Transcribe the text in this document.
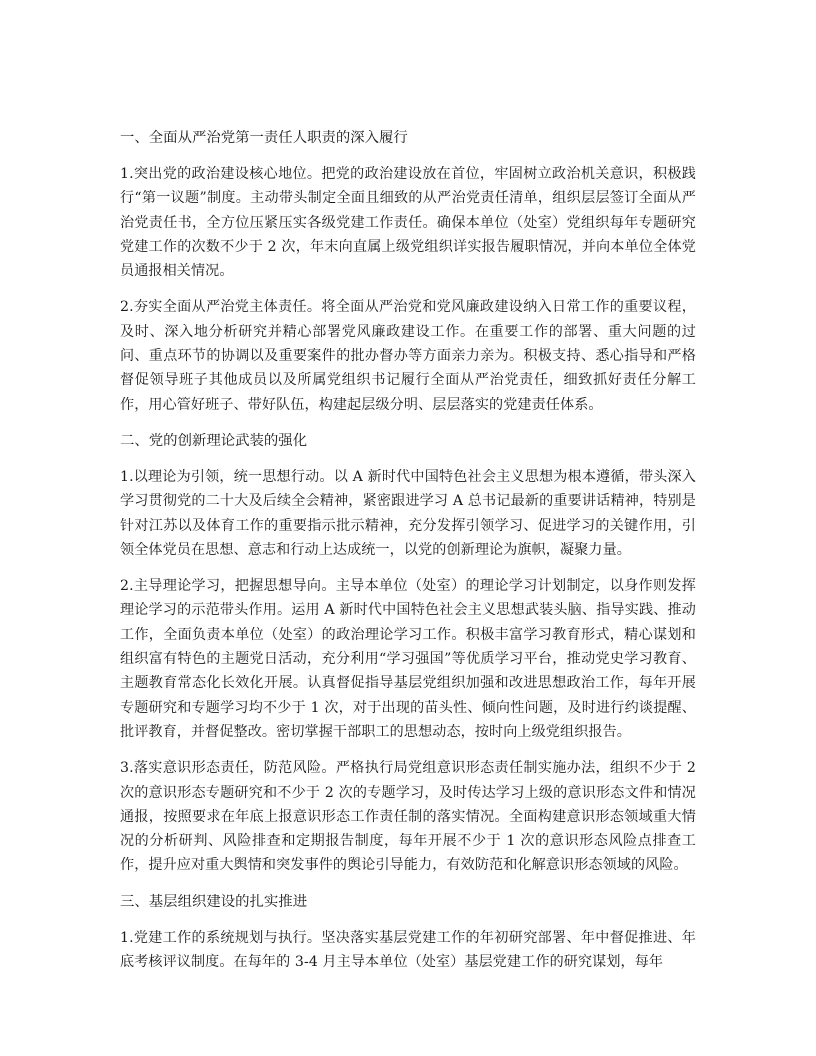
一、全面从严治党第一责任人职责的深入履行

1.突出党的政治建设核心地位。把党的政治建设放在首位，牢固树立政治机关意识，积极践行“第一议题”制度。主动带头制定全面且细致的从严治党责任清单，组织层层签订全面从严治党责任书，全方位压紧压实各级党建工作责任。确保本单位（处室）党组织每年专题研究党建工作的次数不少于 2 次，年末向直属上级党组织详实报告履职情况，并向本单位全体党员通报相关情况。

2.夯实全面从严治党主体责任。将全面从严治党和党风廉政建设纳入日常工作的重要议程，及时、深入地分析研究并精心部署党风廉政建设工作。在重要工作的部署、重大问题的过问、重点环节的协调以及重要案件的批办督办等方面亲力亲为。积极支持、悉心指导和严格督促领导班子其他成员以及所属党组织书记履行全面从严治党责任，细致抓好责任分解工作，用心管好班子、带好队伍，构建起层级分明、层层落实的党建责任体系。

二、党的创新理论武装的强化

1.以理论为引领，统一思想行动。以 A 新时代中国特色社会主义思想为根本遵循，带头深入学习贯彻党的二十大及后续全会精神，紧密跟进学习 A 总书记最新的重要讲话精神，特别是针对江苏以及体育工作的重要指示批示精神，充分发挥引领学习、促进学习的关键作用，引领全体党员在思想、意志和行动上达成统一，以党的创新理论为旗帜，凝聚力量。

2.主导理论学习，把握思想导向。主导本单位（处室）的理论学习计划制定，以身作则发挥理论学习的示范带头作用。运用 A 新时代中国特色社会主义思想武装头脑、指导实践、推动工作，全面负责本单位（处室）的政治理论学习工作。积极丰富学习教育形式，精心谋划和组织富有特色的主题党日活动，充分利用“学习强国”等优质学习平台，推动党史学习教育、主题教育常态化长效化开展。认真督促指导基层党组织加强和改进思想政治工作，每年开展专题研究和专题学习均不少于 1 次，对于出现的苗头性、倾向性问题，及时进行约谈提醒、批评教育，并督促整改。密切掌握干部职工的思想动态，按时向上级党组织报告。

3.落实意识形态责任，防范风险。严格执行局党组意识形态责任制实施办法，组织不少于 2 次的意识形态专题研究和不少于 2 次的专题学习，及时传达学习上级的意识形态文件和情况通报，按照要求在年底上报意识形态工作责任制的落实情况。全面构建意识形态领域重大情况的分析研判、风险排查和定期报告制度，每年开展不少于 1 次的意识形态风险点排查工作，提升应对重大舆情和突发事件的舆论引导能力，有效防范和化解意识形态领域的风险。

三、基层组织建设的扎实推进

1.党建工作的系统规划与执行。坚决落实基层党建工作的年初研究部署、年中督促推进、年底考核评议制度。在每年的 3-4 月主导本单位（处室）基层党建工作的研究谋划，每年
